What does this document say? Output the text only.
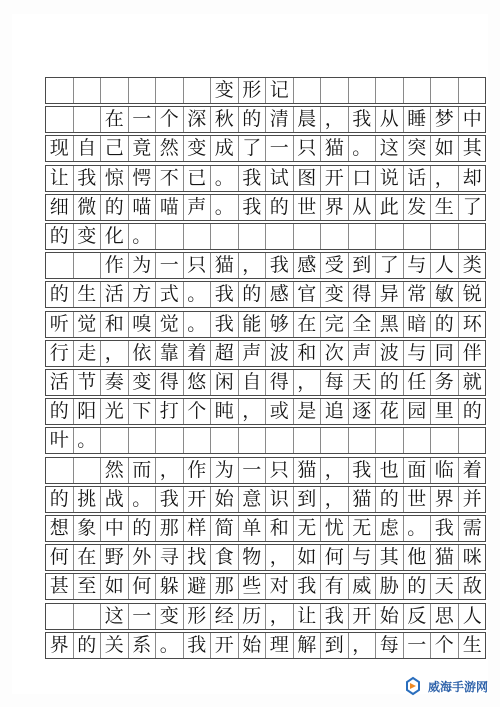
变 形 记
在 一 个 深 秋 的 清 晨 ， 我 从 睡 梦 中
现 自 己 竟 然 变 成 了 一 只 猫 。 这 突 如 其
让 我 惊 愕 不 已 。 我 试 图 开 口 说 话 ， 却
细 微 的 喵 喵 声 。 我 的 世 界 从 此 发 生 了
的 变 化 。
作 为 一 只 猫 ， 我 感 受 到 了 与 人 类
的 生 活 方 式 。 我 的 感 官 变 得 异 常 敏 锐
听 觉 和 嗅 觉 。 我 能 够 在 完 全 黑 暗 的 环
行 走 ， 依 靠 着 超 声 波 和 次 声 波 与 同 伴
活 节 奏 变 得 悠 闲 自 得 ， 每 天 的 任 务 就
的 阳 光 下 打 个 盹 ， 或 是 追 逐 花 园 里 的
叶 。
然 而 ， 作 为 一 只 猫 ， 我 也 面 临 着
的 挑 战 。 我 开 始 意 识 到 ， 猫 的 世 界 并
想 象 中 的 那 样 简 单 和 无 忧 无 虑 。 我 需
何 在 野 外 寻 找 食 物 ， 如 何 与 其 他 猫 咪
甚 至 如 何 躲 避 那 些 对 我 有 威 胁 的 天 敌
这 一 变 形 经 历 ， 让 我 开 始 反 思 人
界 的 关 系 。 我 开 始 理 解 到 ， 每 一 个 生
威海手游网
